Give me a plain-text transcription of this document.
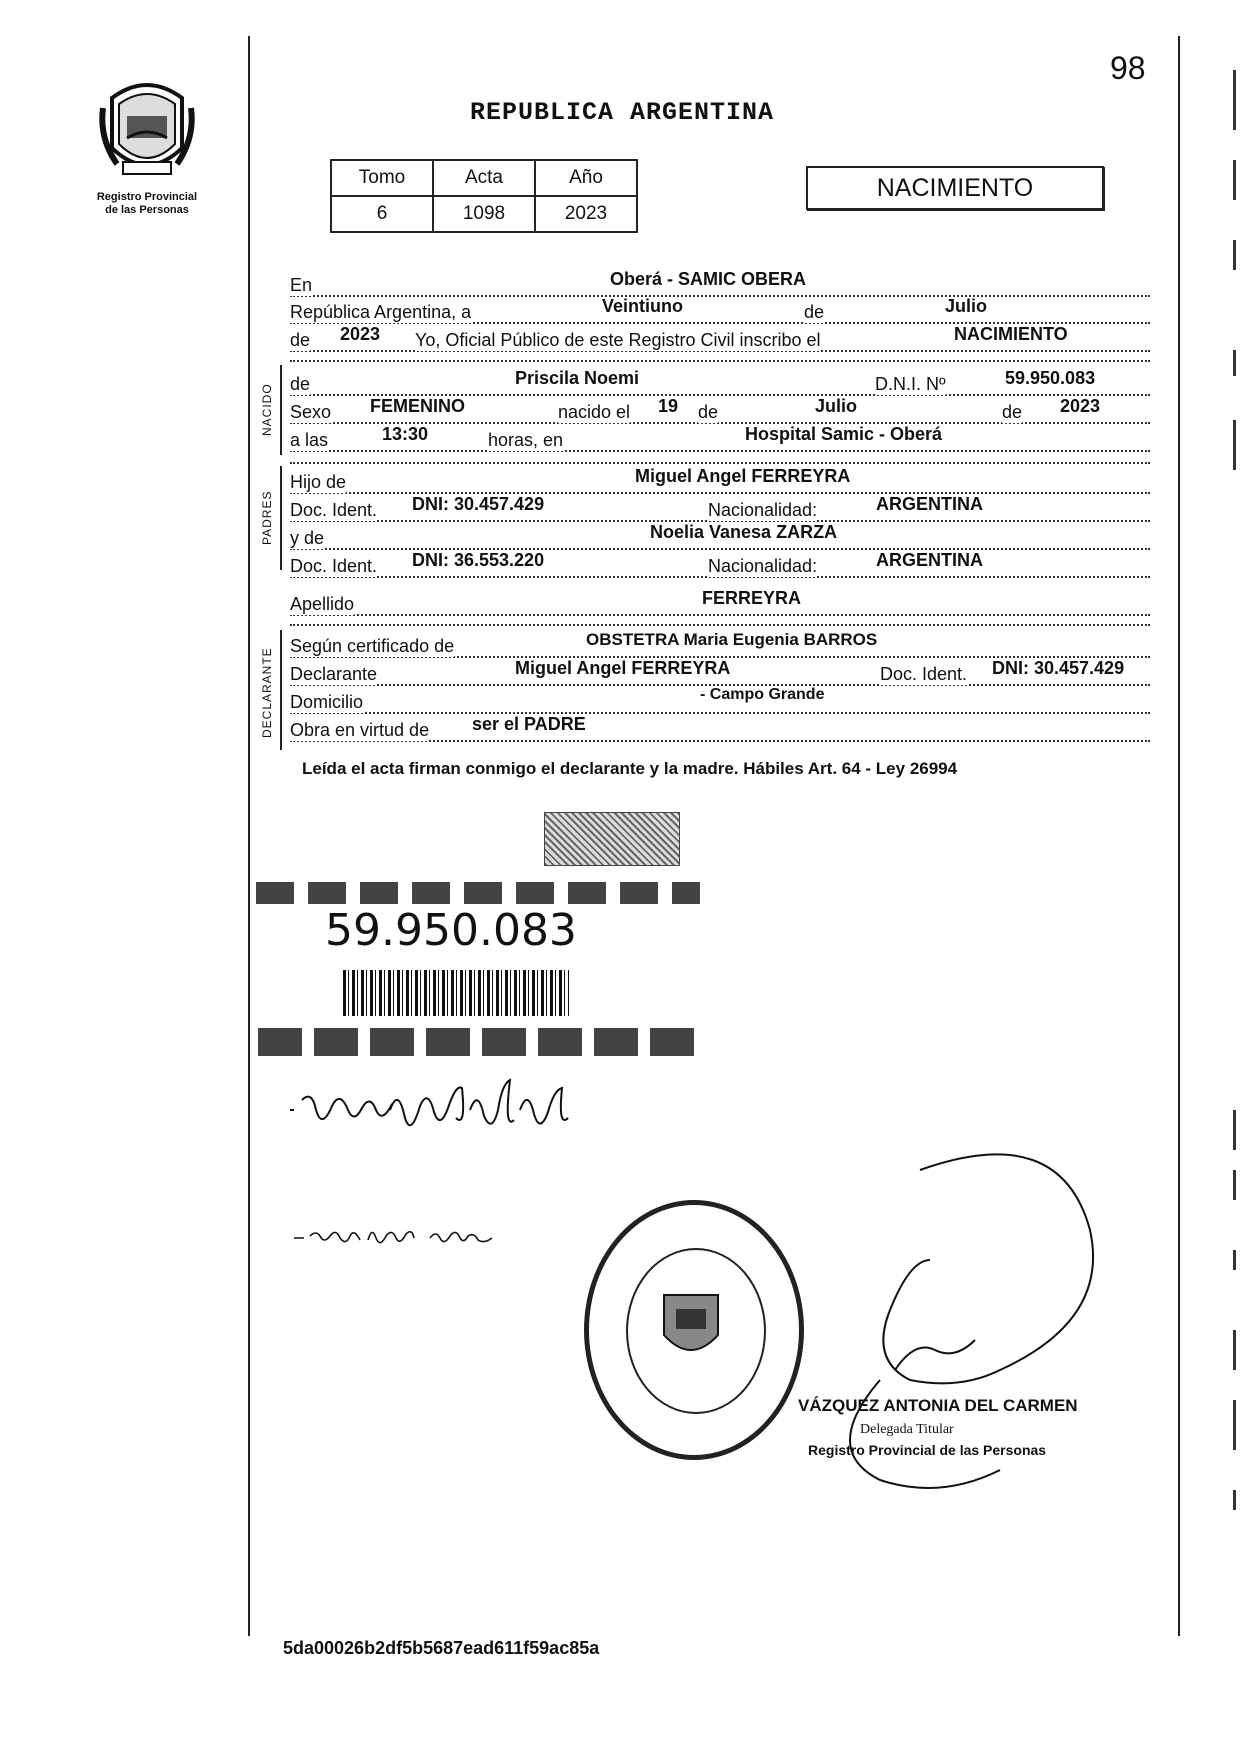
Registro Provincial
de las Personas
98
REPUBLICA ARGENTINA
Tomo	Acta	Año
6	1098	2023
NACIMIENTO
En	Oberá - SAMIC OBERA
República Argentina, a	Veintiuno	de	Julio
de 2023 Yo, Oficial Público de este Registro Civil inscribo el	NACIMIENTO
NACIDO de	Priscila Noemi	D.N.I. Nº	59.950.083
Sexo FEMENINO	nacido el 19 de	Julio	de 2023
a las	13:30	horas, en	Hospital Samic - Oberá
PADRES
Hijo de	Miguel Angel FERREYRA
Doc. Ident. DNI: 30.457.429	Nacionalidad:	ARGENTINA
y de	Noelia Vanesa ZARZA
Doc. Ident. DNI: 36.553.220	Nacionalidad:	ARGENTINA
Apellido	FERREYRA
DECLARANTE
Según certificado de	OBSTETRA Maria Eugenia BARROS
Declarante	Miguel Angel FERREYRA	Doc. Ident. DNI: 30.457.429
Domicilio	- Campo Grande
Obra en virtud de ser el PADRE
Leída el acta firman conmigo el declarante y la madre. Hábiles Art. 64 - Ley 26994
59.950.083
VÁZQUEZ ANTONIA DEL CARMEN
Delegada Titular
Registro Provincial de las Personas
5da00026b2df5b5687ead611f59ac85a
